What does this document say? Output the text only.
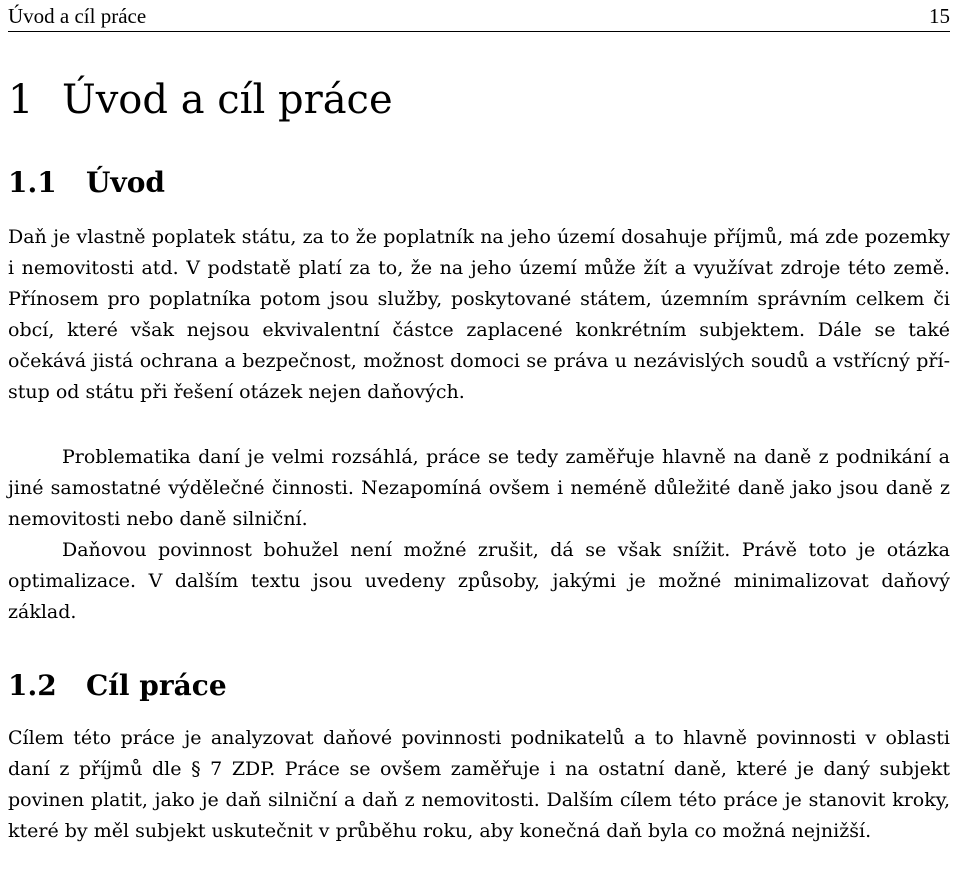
Úvod a cíl práce	15
1 Úvod a cíl práce
1.1 Úvod

Daň je vlastně poplatek státu, za to že poplatník na jeho území dosahuje příjmů, má zde pozemky i nemovitosti atd. V podstatě platí za to, že na jeho území může žít a využívat zdroje této země. Přínosem pro poplatníka potom jsou služby, poskytované státem, územním správním celkem či obcí, které však nejsou ekvivalentní částce zaplacené konkrétním subjektem. Dále se také očekává jistá ochrana a bezpečnost, možnost domoci se práva u nezávislých soudů a vstřícný přístup od státu při řešení otázek nejen daňových.

Problematika daní je velmi rozsáhlá, práce se tedy zaměřuje hlavně na daně z podnikání a jiné samostatné výdělečné činnosti. Nezapomíná ovšem i neméně důležité daně jako jsou daně z nemovitosti nebo daně silniční.

Daňovou povinnost bohužel není možné zrušit, dá se však snížit. Právě toto je otázka optimalizace. V dalším textu jsou uvedeny způsoby, jakými je možné minimalizovat daňový základ.

1.2 Cíl práce

Cílem této práce je analyzovat daňové povinnosti podnikatelů a to hlavně povinnosti v oblasti daní z příjmů dle § 7 ZDP. Práce se ovšem zaměřuje i na ostatní daně, které je daný subjekt povinen platit, jako je daň silniční a daň z nemovitosti. Dalším cílem této práce je stanovit kroky, které by měl subjekt uskutečnit v průběhu roku, aby konečná daň byla co možná nejnižší.
